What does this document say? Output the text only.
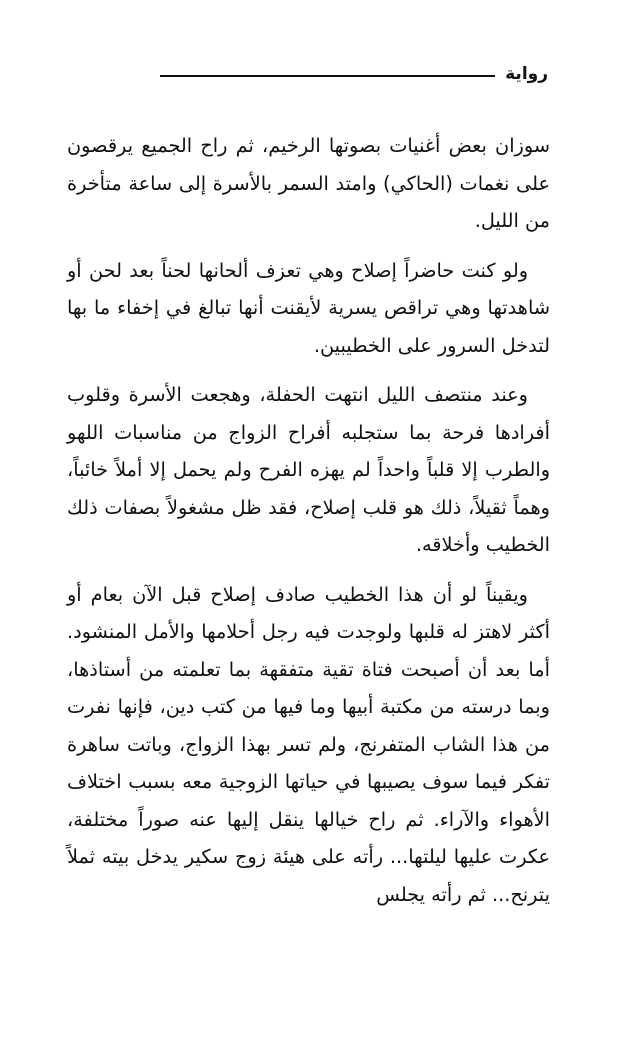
رواية

سوزان بعض أغنيات بصوتها الرخيم، ثم راح الجميع يرقصون على نغمات (الحاكي) وامتد السمر بالأسرة إلى ساعة متأخرة من الليل.

ولو كنت حاضراً إصلاح وهي تعزف ألحانها لحناً بعد لحن أو شاهدتها وهي تراقص يسرية لأيقنت أنها تبالغ في إخفاء ما بها لتدخل السرور على الخطيبين.

وعند منتصف الليل انتهت الحفلة، وهجعت الأسرة وقلوب أفرادها فرحة بما ستجلبه أفراح الزواج من مناسبات اللهو والطرب إلا قلباً واحداً لم يهزه الفرح ولم يحمل إلا أملاً خائباً، وهماً ثقيلاً، ذلك هو قلب إصلاح، فقد ظل مشغولاً بصفات ذلك الخطيب وأخلاقه.

ويقيناً لو أن هذا الخطيب صادف إصلاح قبل الآن بعام أو أكثر لاهتز له قلبها ولوجدت فيه رجل أحلامها والأمل المنشود. أما بعد أن أصبحت فتاة تقية متفقهة بما تعلمته من أستاذها، وبما درسته من مكتبة أبيها وما فيها من كتب دين، فإنها نفرت من هذا الشاب المتفرنج، ولم تسر بهذا الزواج، وباتت ساهرة تفكر فيما سوف يصيبها في حياتها الزوجية معه بسبب اختلاف الأهواء والآراء. ثم راح خيالها ينقل إليها عنه صوراً مختلفة، عكرت عليها ليلتها... رأته على هيئة زوج سكير يدخل بيته ثملاً يترنح... ثم رأته يجلس
